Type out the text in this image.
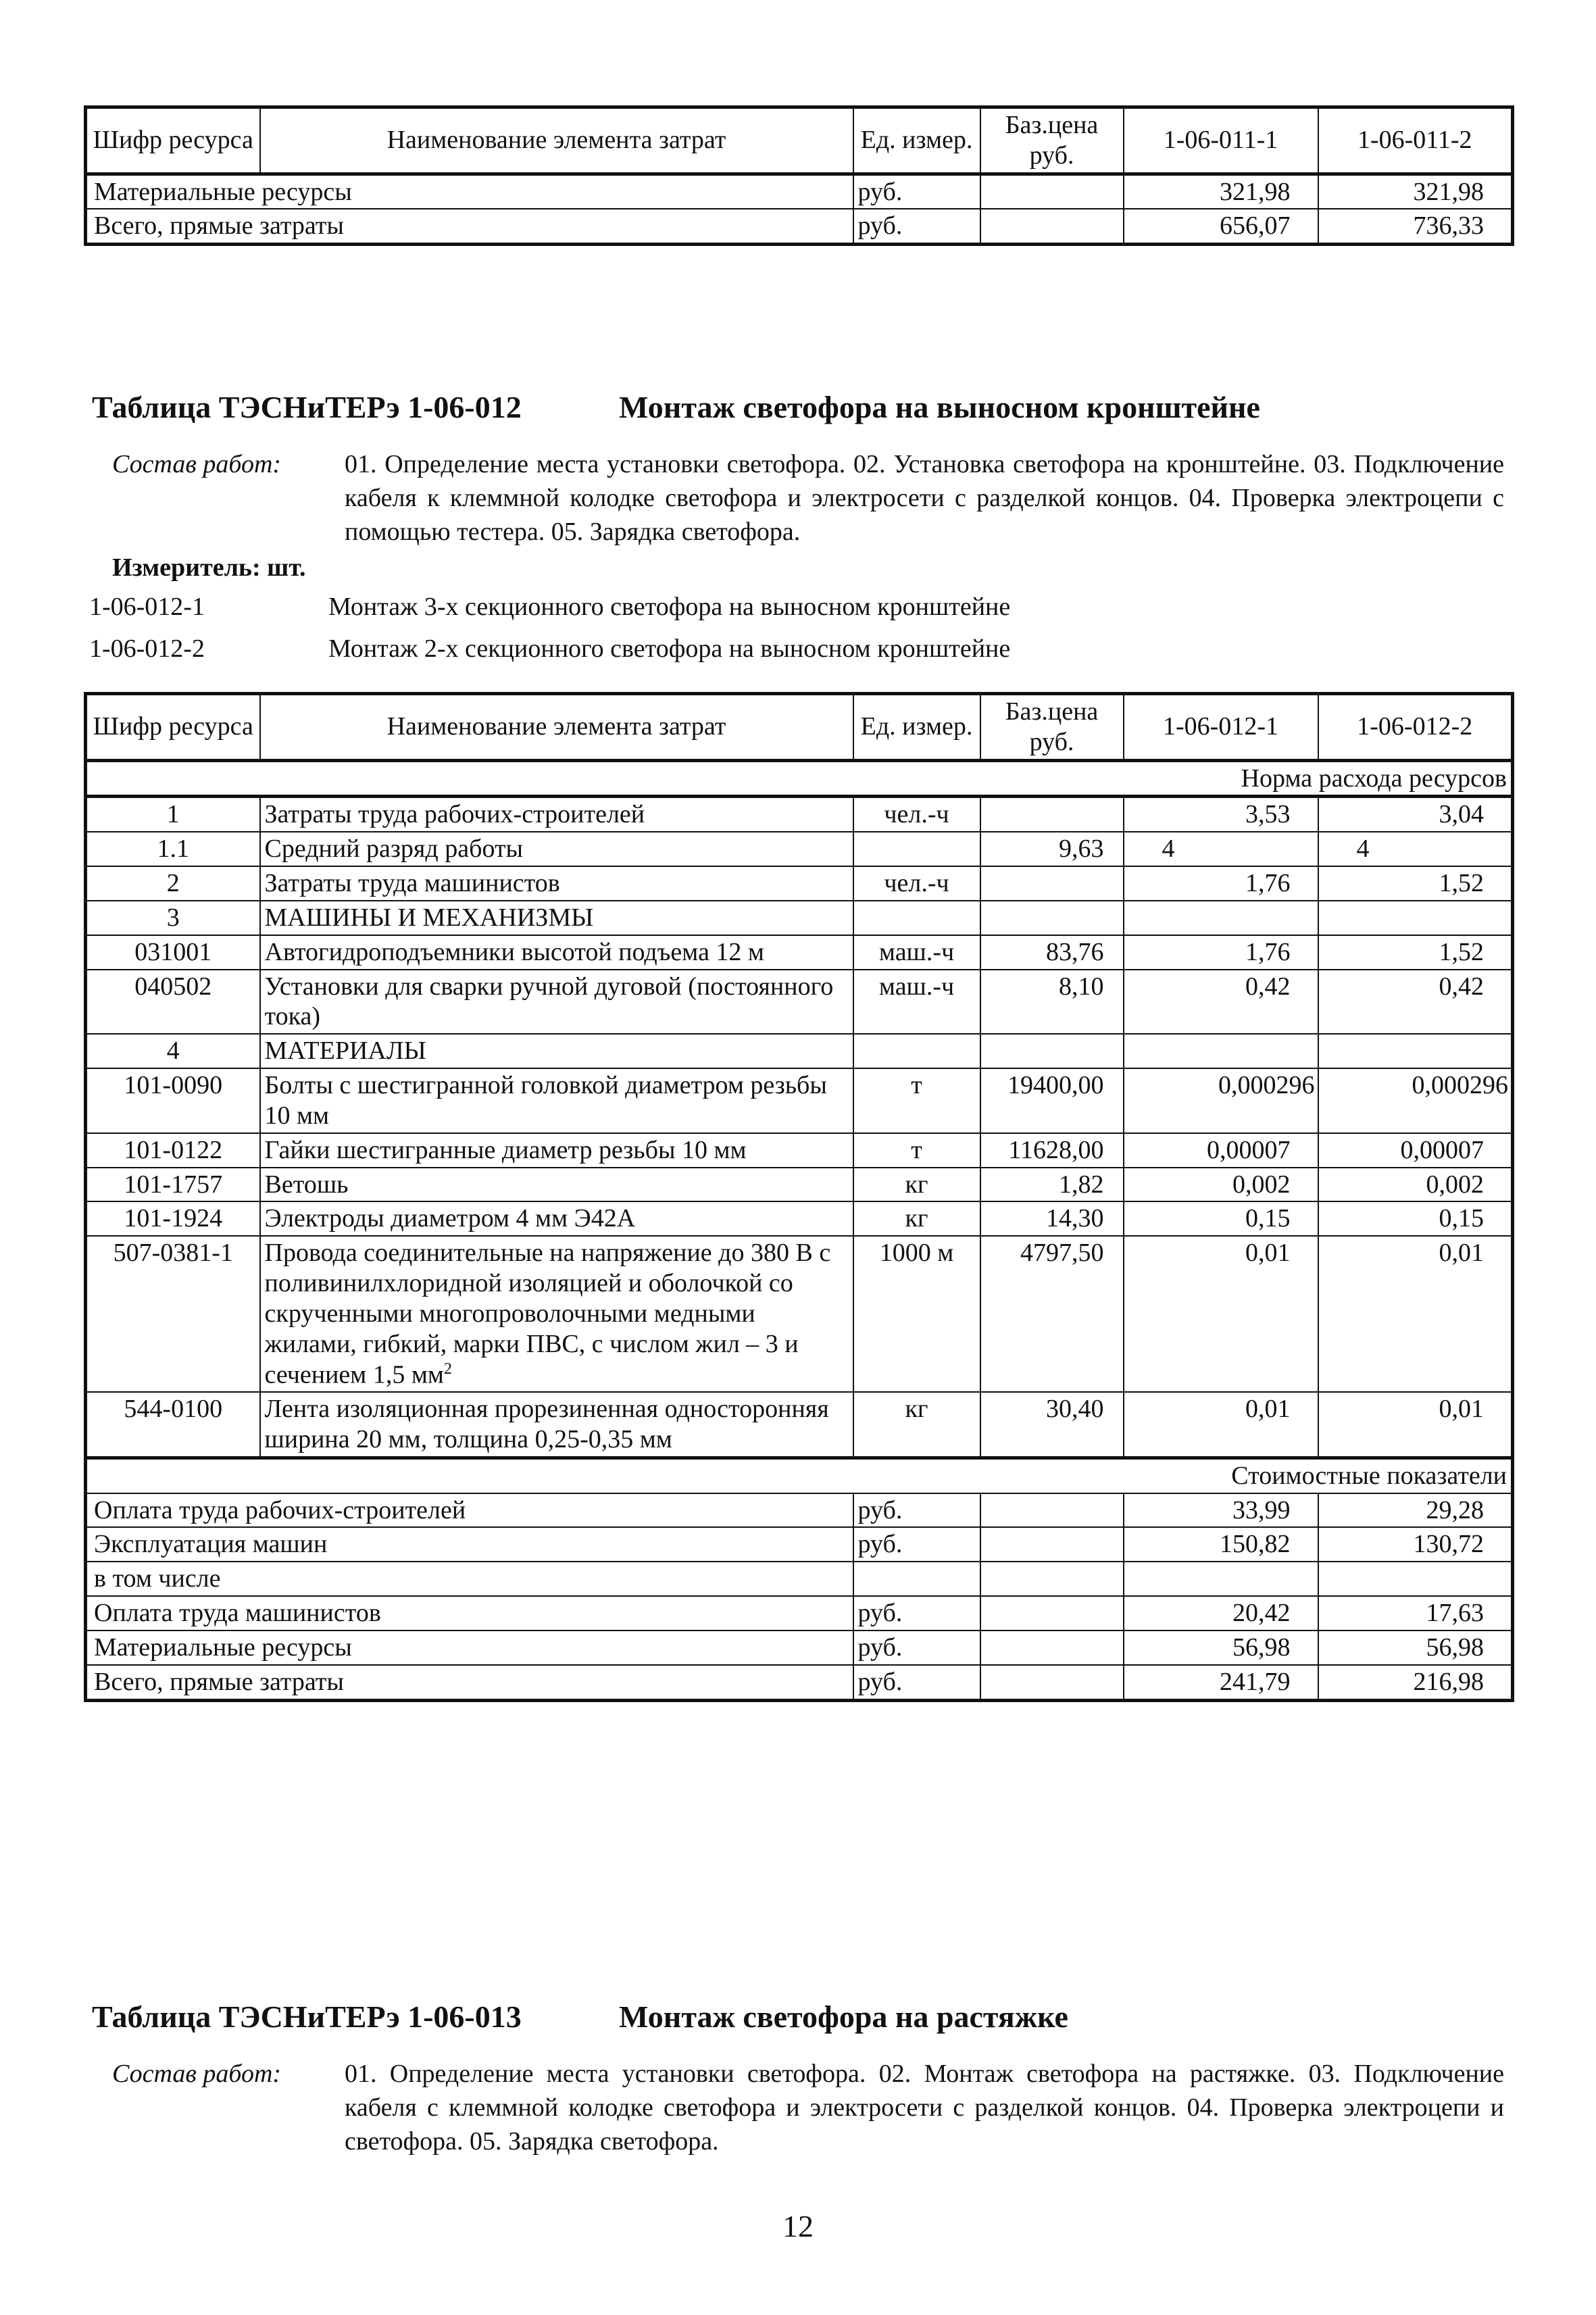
Шифр ресурса	Наименование элемента затрат	Ед. измер.	Баз.цена руб.	1-06-011-1	1-06-011-2
Материальные ресурсы		руб.		321,98	321,98
Всего, прямые затраты		руб.		656,07	736,33
Таблица ТЭСНиТЕРэ 1-06-012	Монтаж светофора на выносном кронштейне
Состав работ: 01. Определение места установки светофора. 02. Установка светофора на кронштейне. 03. Подключение кабеля к клеммной колодке светофора и электросети с разделкой концов. 04. Проверка электроцепи с помощью тестера. 05. Зарядка светофора.
Измеритель: шт.
1-06-012-1	Монтаж 3-х секционного светофора на выносном кронштейне
1-06-012-2	Монтаж 2-х секционного светофора на выносном кронштейне
Шифр ресурса	Наименование элемента затрат	Ед. измер.	Баз.цена руб.	1-06-012-1	1-06-012-2
Норма расхода ресурсов					
1	Затраты труда рабочих-строителей	чел.-ч		3,53	3,04
1.1	Средний разряд работы		9,63	4	4
2	Затраты труда машинистов	чел.-ч		1,76	1,52
3	МАШИНЫ И МЕХАНИЗМЫ				
031001	Автогидроподъемники высотой подъема 12 м	маш.-ч	83,76	1,76	1,52
040502	Установки для сварки ручной дуговой (постоянного тока)	маш.-ч	8,10	0,42	0,42
4	МАТЕРИАЛЫ				
101-0090	Болты с шестигранной головкой диаметром резьбы 10 мм	т	19400,00	0,000296	0,000296
101-0122	Гайки шестигранные диаметр резьбы 10 мм	т	11628,00	0,00007	0,00007
101-1757	Ветошь	кг	1,82	0,002	0,002
101-1924	Электроды диаметром 4 мм Э42А	кг	14,30	0,15	0,15
507-0381-1	Провода соединительные на напряжение до 380 В с поливинилхлоридной изоляцией и оболочкой со скрученными многопроволочными медными жилами, гибкий, марки ПВС, с числом жил – 3 и сечением 1,5 $мм^2$	1000 м	4797,50	0,01	0,01
544-0100	Лента изоляционная прорезиненная односторонняя ширина 20 мм, толщина 0,25-0,35 мм	кг	30,40	0,01	0,01
Стоимостные показатели					
Оплата труда рабочих-строителей		руб.		33,99	29,28
Эксплуатация машин		руб.		150,82	130,72
в том числе					
Оплата труда машинистов		руб.		20,42	17,63
Материальные ресурсы		руб.		56,98	56,98
Всего, прямые затраты		руб.		241,79	216,98
Таблица ТЭСНиТЕРэ 1-06-013	Монтаж светофора на растяжке
Состав работ: 01. Определение места установки светофора. 02. Монтаж светофора на растяжке. 03. Подключение кабеля с клеммной колодке светофора и электросети с разделкой концов. 04. Проверка электроцепи и светофора. 05. Зарядка светофора.
12
